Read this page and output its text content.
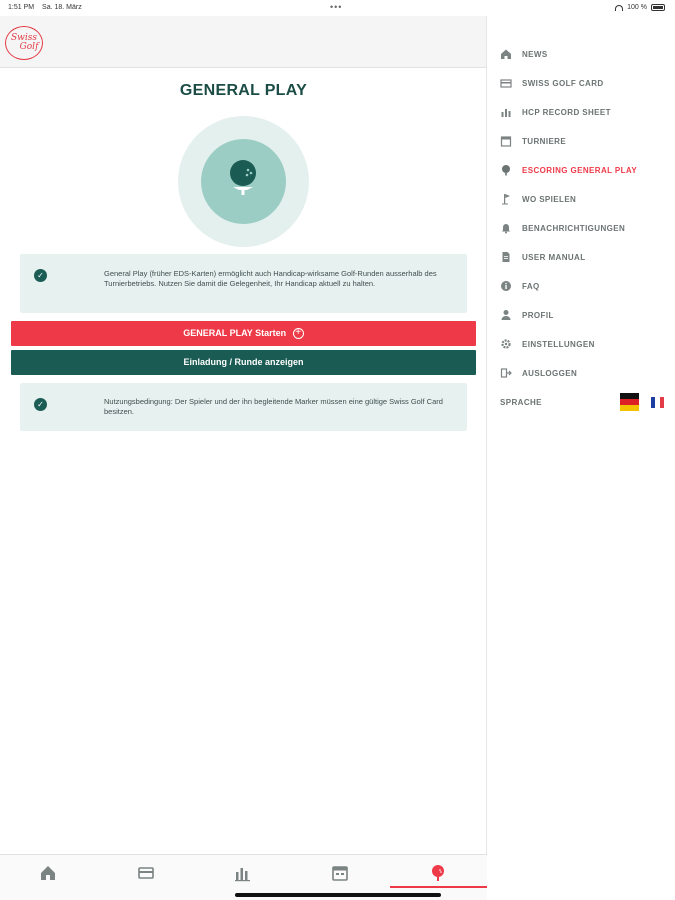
1:51 PM Sa. 18. März	•••	100 %
Swiss
Golf
GENERAL PLAY
✓	General Play (früher EDS-Karten) ermöglicht auch Handicap-wirksame Golf-Runden ausserhalb des Turnierbetriebs. Nutzen Sie damit die Gelegenheit, Ihr Handicap aktuell zu halten.
GENERAL PLAY Starten +
Einladung / Runde anzeigen
✓	Nutzungsbedingung: Der Spieler und der ihn begleitende Marker müssen eine gültige Swiss Golf Card besitzen.
NEWS
SWISS GOLF CARD
HCP RECORD SHEET
TURNIERE
ESCORING GENERAL PLAY
WO SPIELEN
BENACHRICHTIGUNGEN
USER MANUAL
FAQ
PROFIL
EINSTELLUNGEN
AUSLOGGEN
SPRACHE
